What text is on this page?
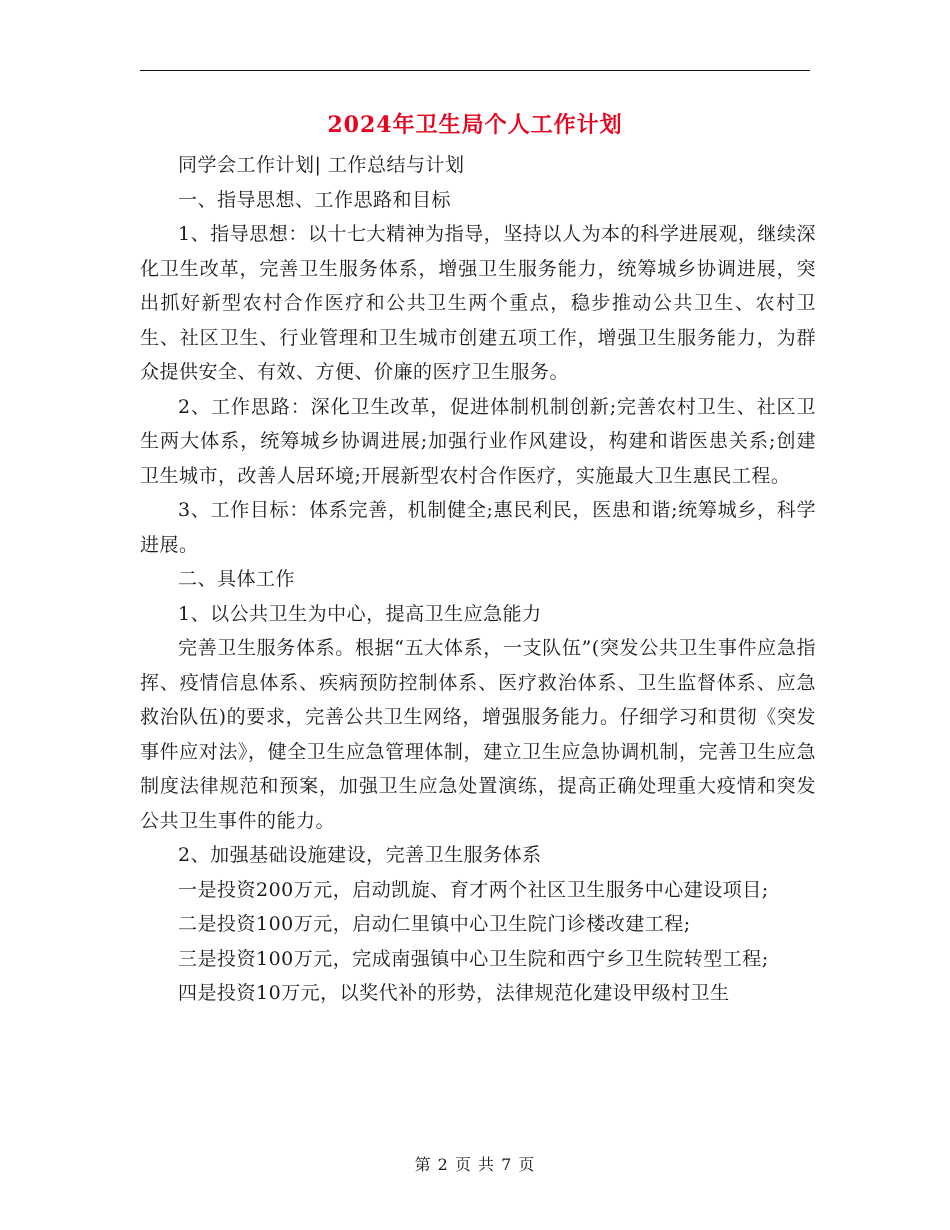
2024年卫生局个人工作计划

同学会工作计划| 工作总结与计划

一、指导思想、工作思路和目标

1、指导思想：以十七大精神为指导，坚持以人为本的科学进展观，继续深化卫生改革，完善卫生服务体系，增强卫生服务能力，统筹城乡协调进展，突出抓好新型农村合作医疗和公共卫生两个重点，稳步推动公共卫生、农村卫生、社区卫生、行业管理和卫生城市创建五项工作，增强卫生服务能力，为群众提供安全、有效、方便、价廉的医疗卫生服务。

2、工作思路：深化卫生改革，促进体制机制创新;完善农村卫生、社区卫生两大体系，统筹城乡协调进展;加强行业作风建设，构建和谐医患关系;创建卫生城市，改善人居环境;开展新型农村合作医疗，实施最大卫生惠民工程。

3、工作目标：体系完善，机制健全;惠民利民，医患和谐;统筹城乡，科学进展。

二、具体工作

1、以公共卫生为中心，提高卫生应急能力

完善卫生服务体系。根据“五大体系，一支队伍”(突发公共卫生事件应急指挥、疫情信息体系、疾病预防控制体系、医疗救治体系、卫生监督体系、应急救治队伍)的要求，完善公共卫生网络，增强服务能力。仔细学习和贯彻《突发事件应对法》，健全卫生应急管理体制，建立卫生应急协调机制，完善卫生应急制度法律规范和预案，加强卫生应急处置演练，提高正确处理重大疫情和突发公共卫生事件的能力。

2、加强基础设施建设，完善卫生服务体系

一是投资200万元，启动凯旋、育才两个社区卫生服务中心建设项目;

二是投资100万元，启动仁里镇中心卫生院门诊楼改建工程;

三是投资100万元，完成南强镇中心卫生院和西宁乡卫生院转型工程;

四是投资10万元，以奖代补的形势，法律规范化建设甲级村卫生

第 2 页 共 7 页
